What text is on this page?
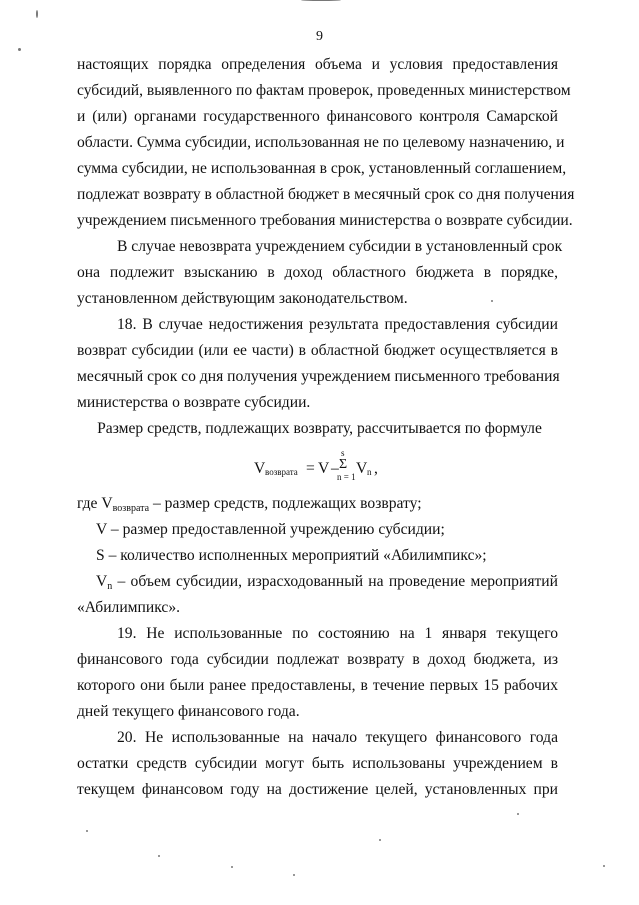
9
настоящих порядка определения объема и условия предоставления
субсидий, выявленного по фактам проверок, проведенных министерством
и (или) органами государственного финансового контроля Самарской
области. Сумма субсидии, использованная не по целевому назначению, и
сумма субсидии, не использованная в срок, установленный соглашением,
подлежат возврату в областной бюджет в месячный срок со дня получения
учреждением письменного требования министерства о возврате субсидии.
В случае невозврата учреждением субсидии в установленный срок
она подлежит взысканию в доход областного бюджета в порядке,
установленном действующим законодательством.
18. В случае недостижения результата предоставления субсидии
возврат субсидии (или ее части) в областной бюджет осуществляется в
месячный срок со дня получения учреждением письменного требования
министерства о возврате субсидии.
Размер средств, подлежащих возврату, рассчитывается по формуле
V возврата = V –
s
Σ
n = 1 V n ,
где $V_{возврата}$ – размер средств, подлежащих возврату;
V – размер предоставленной учреждению субсидии;
S – количество исполненных мероприятий «Абилимпикс»;
$V_n$ – объем субсидии, израсходованный на проведение мероприятий
«Абилимпикс».
19. Не использованные по состоянию на 1 января текущего
финансового года субсидии подлежат возврату в доход бюджета, из
которого они были ранее предоставлены, в течение первых 15 рабочих
дней текущего финансового года.
20. Не использованные на начало текущего финансового года
остатки средств субсидии могут быть использованы учреждением в
текущем финансовом году на достижение целей, установленных при
